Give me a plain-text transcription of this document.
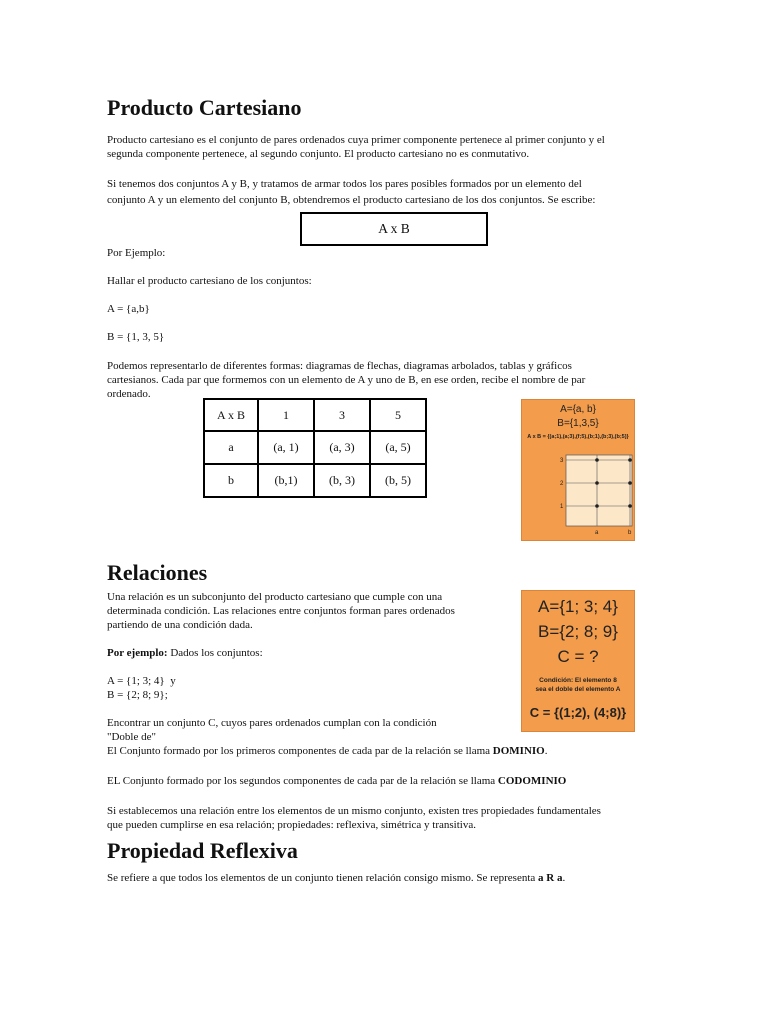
Producto Cartesiano
Producto cartesiano es el conjunto de pares ordenados cuya primer componente pertenece al primer conjunto y el
segunda componente pertenece, al segundo conjunto. El producto cartesiano no es conmutativo.
Si tenemos dos conjuntos A y B, y tratamos de armar todos los pares posibles formados por un elemento del
conjunto A y un elemento del conjunto B, obtendremos el producto cartesiano de los dos conjuntos. Se escribe:
A x B
Por Ejemplo:
Hallar el producto cartesiano de los conjuntos:
A = {a,b}
B = {1, 3, 5}
Podemos representarlo de diferentes formas: diagramas de flechas, diagramas arbolados, tablas y gráficos
cartesianos. Cada par que formemos con un elemento de A y uno de B, en ese orden, recibe el nombre de par
ordenado.
A x B	1	3	5
a	(a, 1)	(a, 3)	(a, 5)
b	(b,1)	(b, 3)	(b, 5)
A={a, b}
B={1,3,5}
A x B = {(a;1),(a;3),(f;5),(b;1),(b;3),(b;5)}
3
2
1
a	b
Relaciones
Una relación es un subconjunto del producto cartesiano que cumple con una
determinada condición. Las relaciones entre conjuntos forman pares ordenados
partiendo de una condición dada.
Por ejemplo: Dados los conjuntos:
A = {1; 3; 4}  y
B = {2; 8; 9};
Encontrar un conjunto C, cuyos pares ordenados cumplan con la condición
"Doble de"
El Conjunto formado por los primeros componentes de cada par de la relación se llama DOMINIO.
EL Conjunto formado por los segundos componentes de cada par de la relación se llama CODOMINIO
Si establecemos una relación entre los elementos de un mismo conjunto, existen tres propiedades fundamentales
que pueden cumplirse en esa relación; propiedades: reflexiva, simétrica y transitiva.
A={1; 3; 4}
B={2; 8; 9}
C = ?
Condición: El elemento 8
sea el doble del elemento A
C = {(1;2), (4;8)}
Propiedad Reflexiva
Se refiere a que todos los elementos de un conjunto tienen relación consigo mismo. Se representa a R a.
